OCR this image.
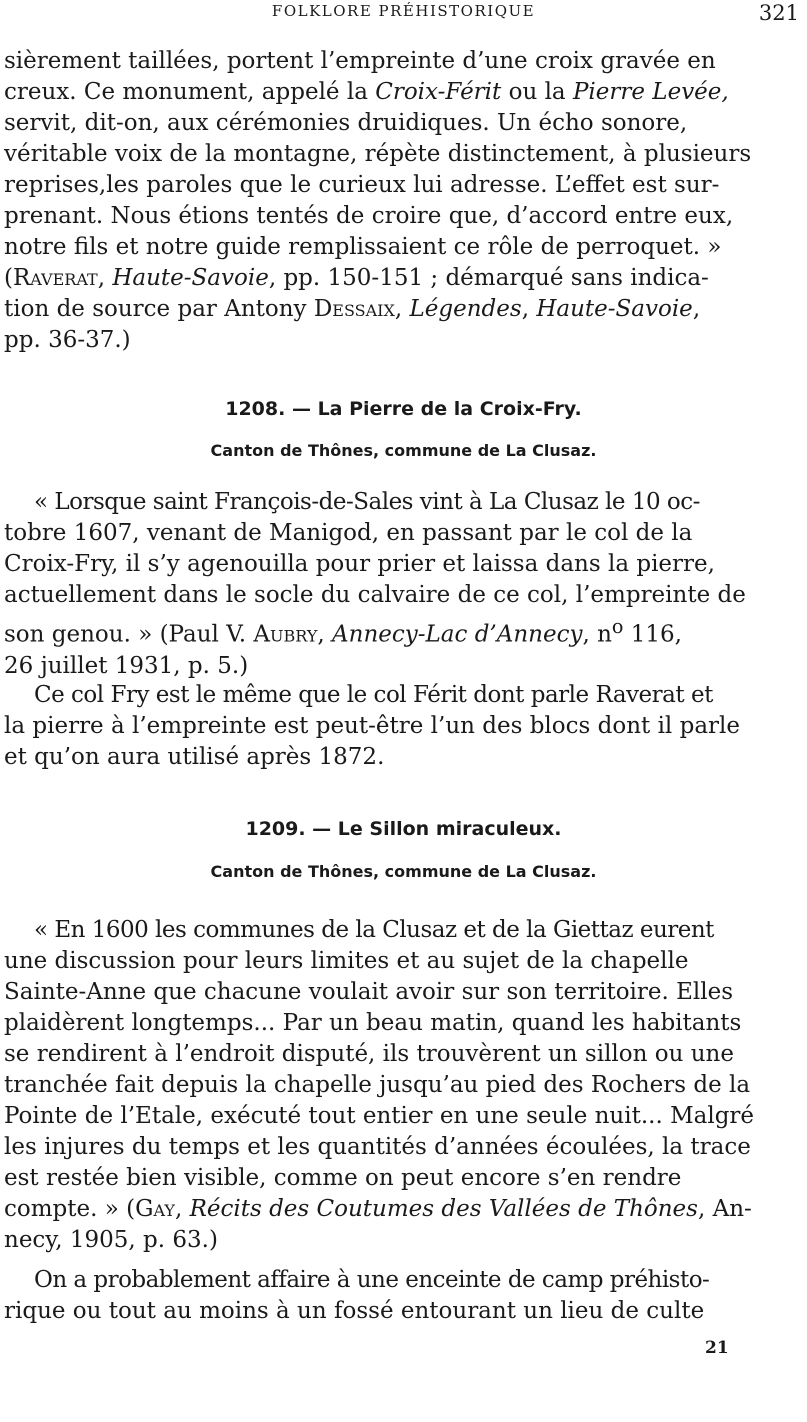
FOLKLORE PRÉHISTORIQUE	321
sièrement taillées, portent l’empreinte d’une croix gravée en
creux. Ce monument, appelé la Croix-Férit ou la Pierre Levée,
servit, dit-on, aux cérémonies druidiques. Un écho sonore,
véritable voix de la montagne, répète distinctement, à plusieurs
reprises,les paroles que le curieux lui adresse. L’effet est sur-
prenant. Nous étions tentés de croire que, d’accord entre eux,
notre fils et notre guide remplissaient ce rôle de perroquet. »
(Raverat, Haute-Savoie, pp. 150-151 ; démarqué sans indica-
tion de source par Antony Dessaix, Légendes, Haute-Savoie,
pp. 36-37.)
1208. — La Pierre de la Croix-Fry.
Canton de Thônes, commune de La Clusaz.
« Lorsque saint François-de-Sales vint à La Clusaz le 10 oc-
tobre 1607, venant de Manigod, en passant par le col de la
Croix-Fry, il s’y agenouilla pour prier et laissa dans la pierre,
actuellement dans le socle du calvaire de ce col, l’empreinte de
son genou. » (Paul V. Aubry, Annecy-Lac d’Annecy, $n^o$ 116,
26 juillet 1931, p. 5.)
Ce col Fry est le même que le col Férit dont parle Raverat et
la pierre à l’empreinte est peut-être l’un des blocs dont il parle
et qu’on aura utilisé après 1872.
1209. — Le Sillon miraculeux.
Canton de Thônes, commune de La Clusaz.
« En 1600 les communes de la Clusaz et de la Giettaz eurent
une discussion pour leurs limites et au sujet de la chapelle
Sainte-Anne que chacune voulait avoir sur son territoire. Elles
plaidèrent longtemps... Par un beau matin, quand les habitants
se rendirent à l’endroit disputé, ils trouvèrent un sillon ou une
tranchée fait depuis la chapelle jusqu’au pied des Rochers de la
Pointe de l’Etale, exécuté tout entier en une seule nuit... Malgré
les injures du temps et les quantités d’années écoulées, la trace
est restée bien visible, comme on peut encore s’en rendre
compte. » (Gay, Récits des Coutumes des Vallées de Thônes, An-
necy, 1905, p. 63.)
On a probablement affaire à une enceinte de camp préhisto-
rique ou tout au moins à un fossé entourant un lieu de culte
21
